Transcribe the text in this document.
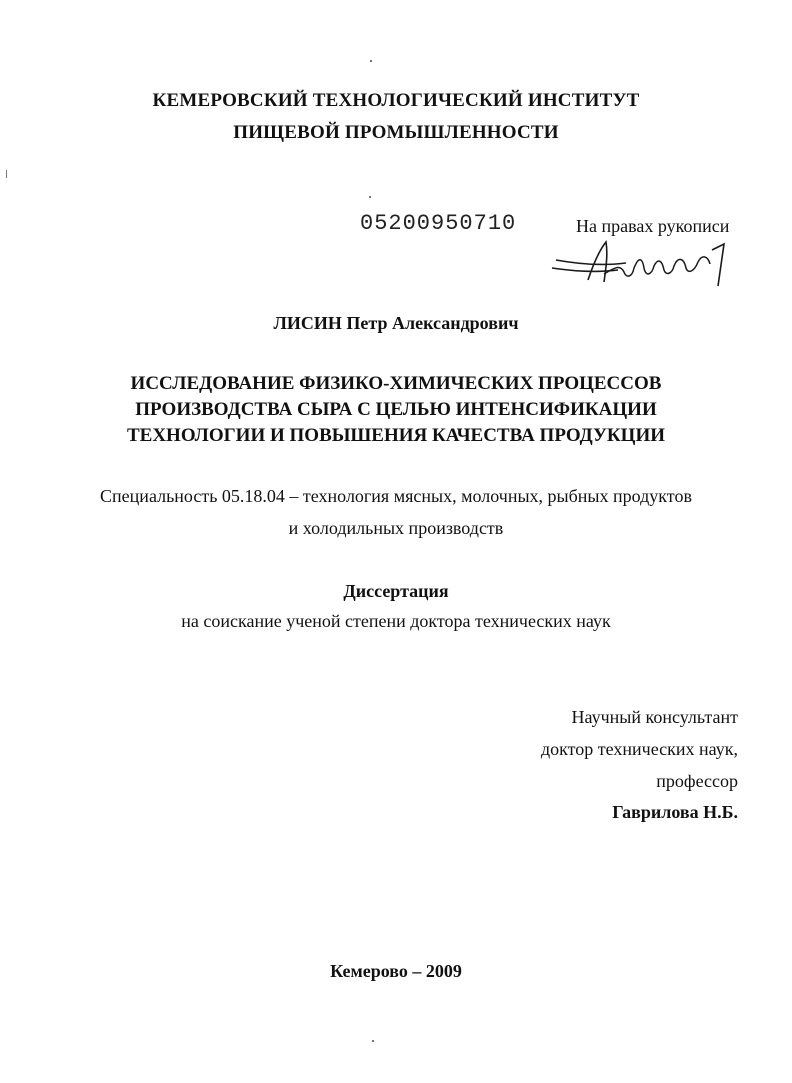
КЕМЕРОВСКИЙ ТЕХНОЛОГИЧЕСКИЙ ИНСТИТУТ
ПИЩЕВОЙ ПРОМЫШЛЕННОСТИ
05200950710	На правах рукописи
ЛИСИН Петр Александрович
ИССЛЕДОВАНИЕ ФИЗИКО-ХИМИЧЕСКИХ ПРОЦЕССОВ
ПРОИЗВОДСТВА СЫРА С ЦЕЛЬЮ ИНТЕНСИФИКАЦИИ
ТЕХНОЛОГИИ И ПОВЫШЕНИЯ КАЧЕСТВА ПРОДУКЦИИ
Специальность 05.18.04 – технология мясных, молочных, рыбных продуктов
и холодильных производств
Диссертация
на соискание ученой степени доктора технических наук
Научный консультант
доктор технических наук,
профессор
Гаврилова Н.Б.
Кемерово – 2009
